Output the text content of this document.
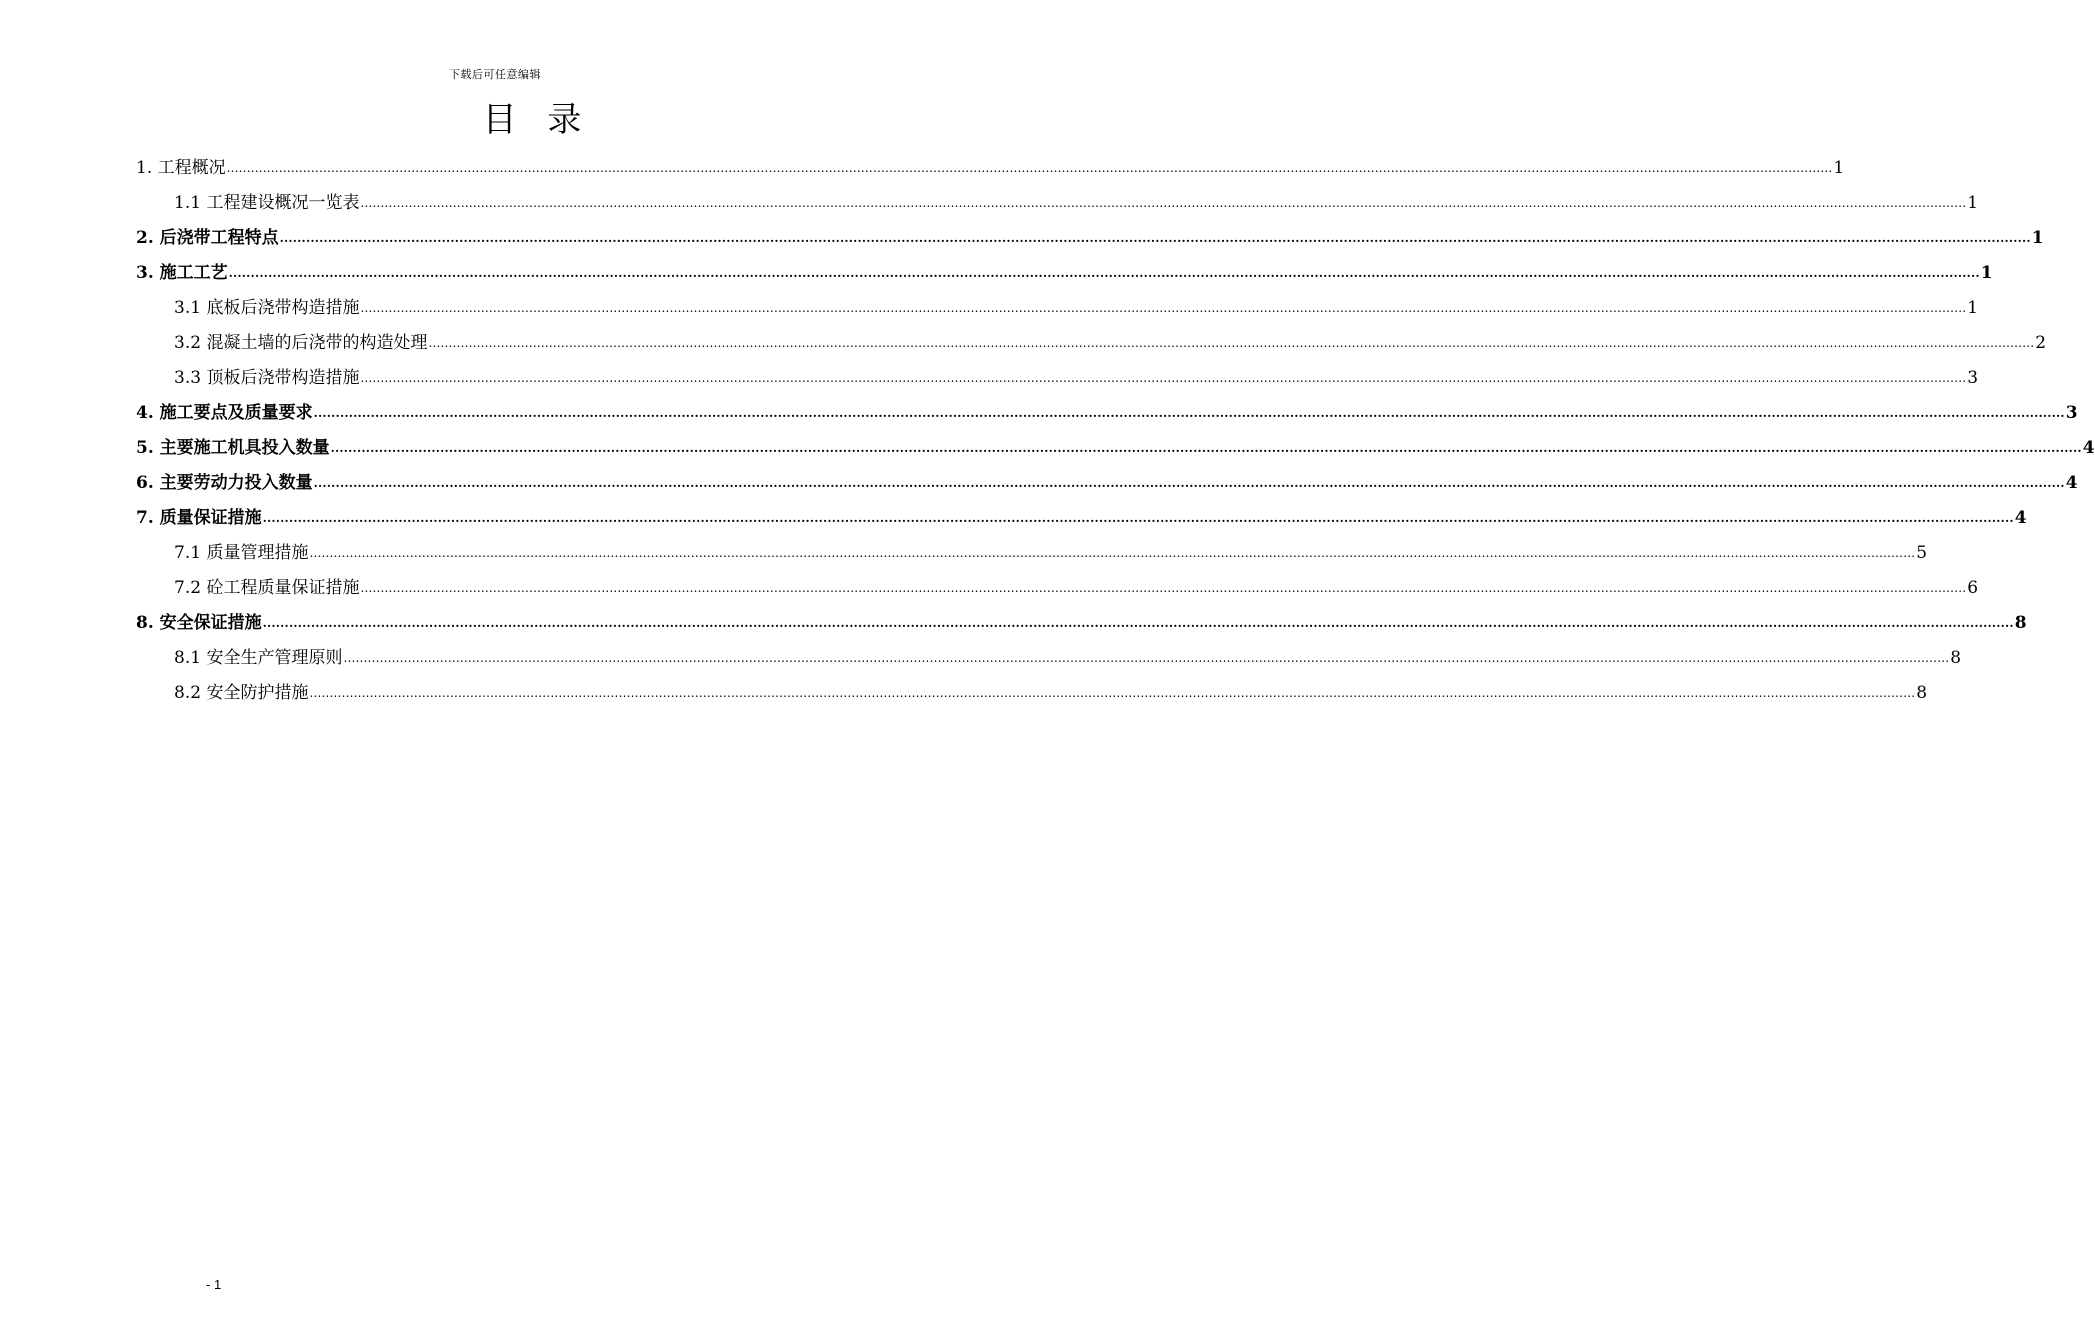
下载后可任意编辑
目 录
1. 工程概况 ................................................................................................................................................................................................................................................................................................................................................................................................................ 1
1.1 工程建设概况一览表 ................................................................................................................................................................................................................................................................................................................................................................................................................ 1
2. 后浇带工程特点 ................................................................................................................................................................................................................................................................................................................................................................................................................ 1
3. 施工工艺 ................................................................................................................................................................................................................................................................................................................................................................................................................ 1
3.1 底板后浇带构造措施 ................................................................................................................................................................................................................................................................................................................................................................................................................ 1
3.2 混凝土墙的后浇带的构造处理 ................................................................................................................................................................................................................................................................................................................................................................................................................ 2
3.3 顶板后浇带构造措施 ................................................................................................................................................................................................................................................................................................................................................................................................................ 3
4. 施工要点及质量要求 ................................................................................................................................................................................................................................................................................................................................................................................................................ 3
5. 主要施工机具投入数量 ................................................................................................................................................................................................................................................................................................................................................................................................................ 4
6. 主要劳动力投入数量 ................................................................................................................................................................................................................................................................................................................................................................................................................ 4
7. 质量保证措施 ................................................................................................................................................................................................................................................................................................................................................................................................................ 4
7.1 质量管理措施 ................................................................................................................................................................................................................................................................................................................................................................................................................ 5
7.2 砼工程质量保证措施 ................................................................................................................................................................................................................................................................................................................................................................................................................ 6
8. 安全保证措施 ................................................................................................................................................................................................................................................................................................................................................................................................................ 8
8.1 安全生产管理原则 ................................................................................................................................................................................................................................................................................................................................................................................................................ 8
8.2 安全防护措施 ................................................................................................................................................................................................................................................................................................................................................................................................................ 8
- 1
